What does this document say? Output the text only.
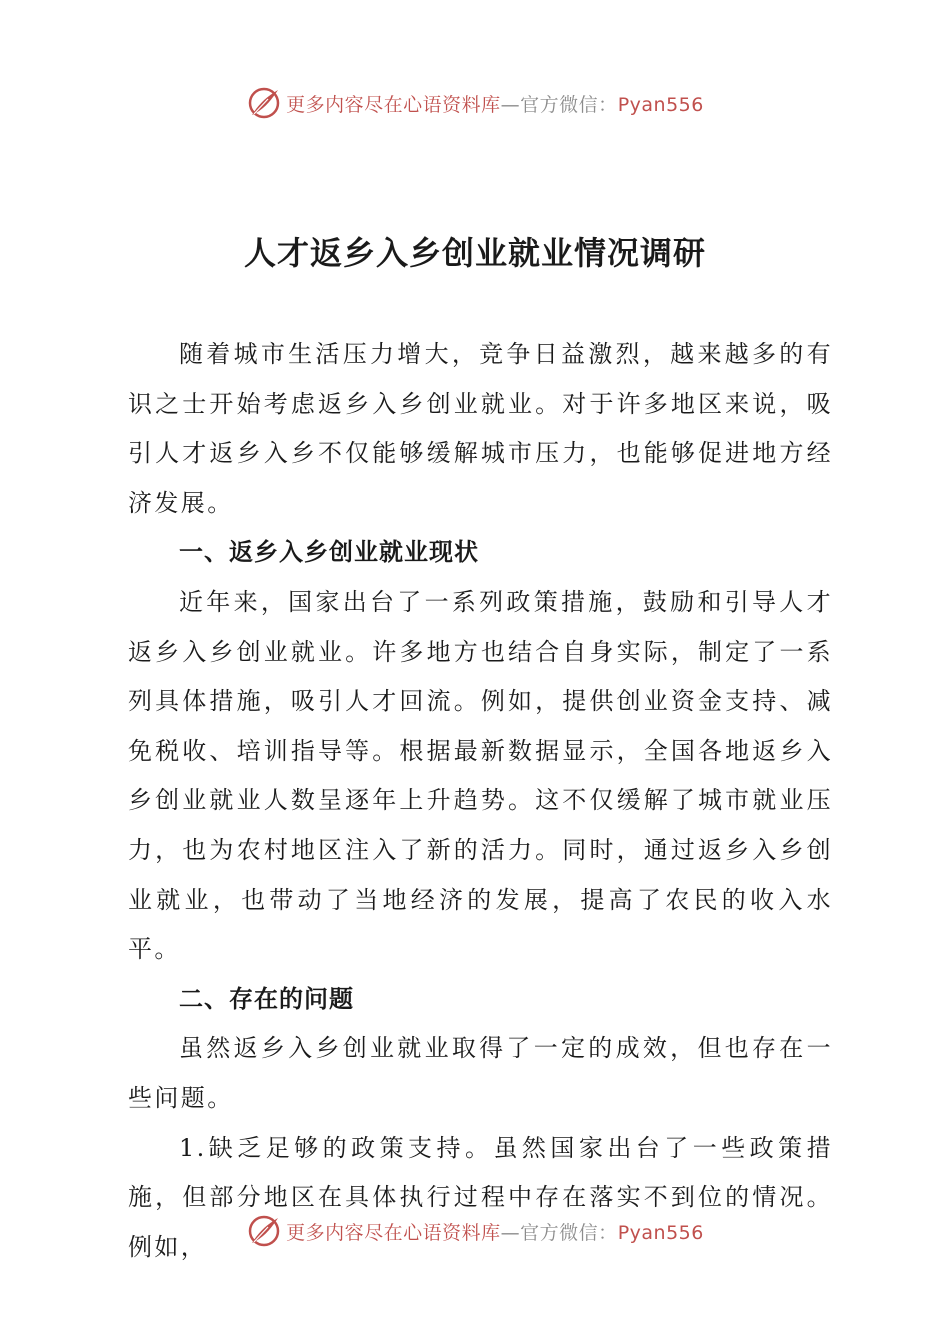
更多内容尽在心语资料库—官方微信：Pyan556
人才返乡入乡创业就业情况调研

随着城市生活压力增大，竞争日益激烈，越来越多的有识之士开始考虑返乡入乡创业就业。对于许多地区来说，吸引人才返乡入乡不仅能够缓解城市压力，也能够促进地方经济发展。

一、返乡入乡创业就业现状

近年来，国家出台了一系列政策措施，鼓励和引导人才返乡入乡创业就业。许多地方也结合自身实际，制定了一系列具体措施，吸引人才回流。例如，提供创业资金支持、减免税收、培训指导等。根据最新数据显示，全国各地返乡入乡创业就业人数呈逐年上升趋势。这不仅缓解了城市就业压力，也为农村地区注入了新的活力。同时，通过返乡入乡创业就业，也带动了当地经济的发展，提高了农民的收入水平。

二、存在的问题

虽然返乡入乡创业就业取得了一定的成效，但也存在一些问题。

1.缺乏足够的政策支持。虽然国家出台了一些政策措施，但部分地区在具体执行过程中存在落实不到位的情况。例如，

更多内容尽在心语资料库—官方微信：Pyan556
